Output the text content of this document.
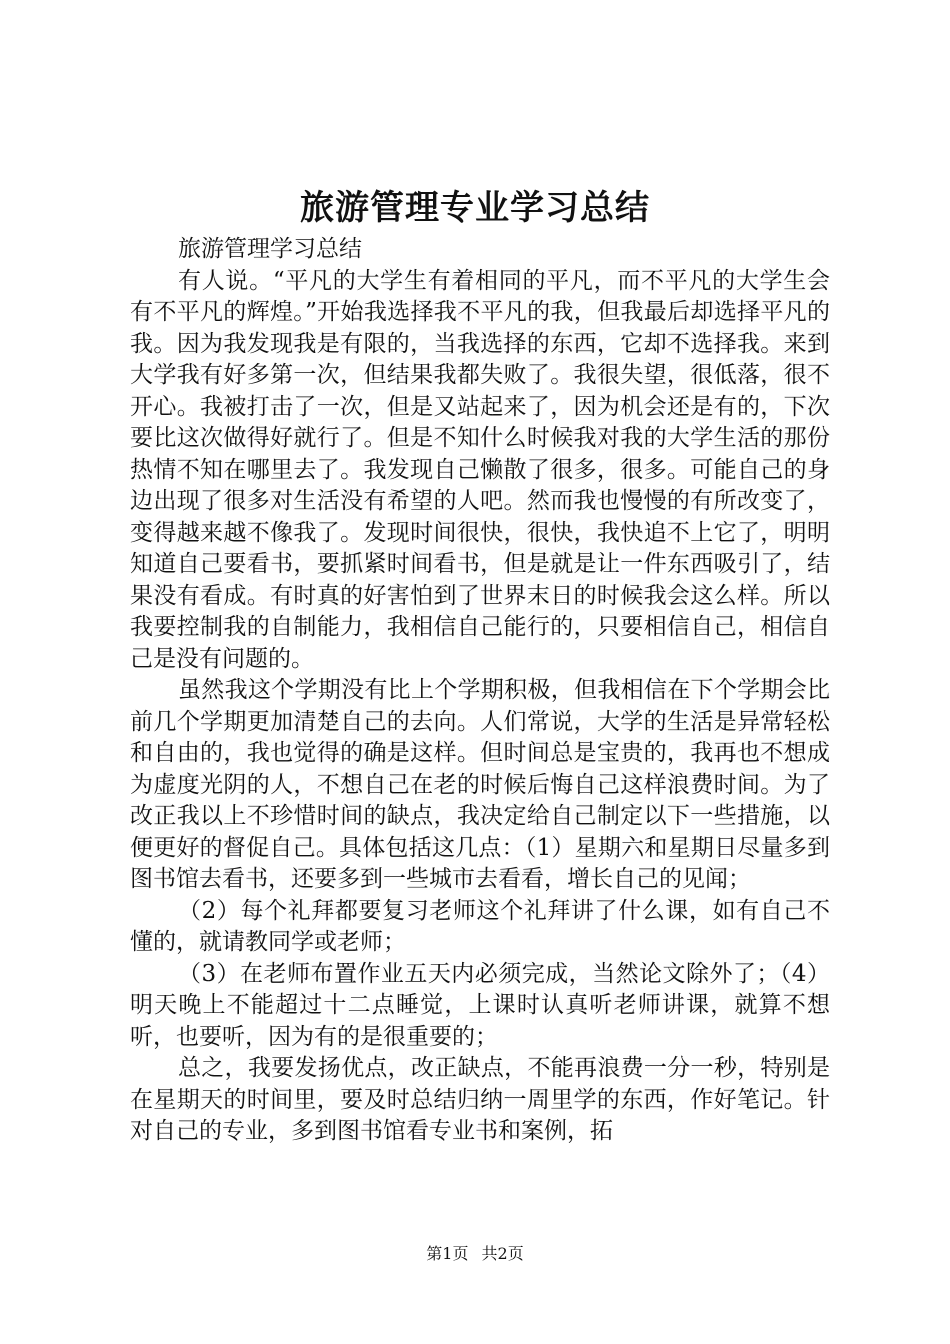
旅游管理专业学习总结

旅游管理学习总结

有人说。“平凡的大学生有着相同的平凡，而不平凡的大学生会有不平凡的辉煌。”开始我选择我不平凡的我，但我最后却选择平凡的我。因为我发现我是有限的，当我选择的东西，它却不选择我。来到大学我有好多第一次，但结果我都失败了。我很失望，很低落，很不开心。我被打击了一次，但是又站起来了，因为机会还是有的，下次要比这次做得好就行了。但是不知什么时候我对我的大学生活的那份热情不知在哪里去了。我发现自己懒散了很多，很多。可能自己的身边出现了很多对生活没有希望的人吧。然而我也慢慢的有所改变了，变得越来越不像我了。发现时间很快，很快，我快追不上它了，明明知道自己要看书，要抓紧时间看书，但是就是让一件东西吸引了，结果没有看成。有时真的好害怕到了世界末日的时候我会这么样。所以我要控制我的自制能力，我相信自己能行的，只要相信自己，相信自己是没有问题的。

虽然我这个学期没有比上个学期积极，但我相信在下个学期会比前几个学期更加清楚自己的去向。人们常说，大学的生活是异常轻松和自由的，我也觉得的确是这样。但时间总是宝贵的，我再也不想成为虚度光阴的人，不想自己在老的时候后悔自己这样浪费时间。为了改正我以上不珍惜时间的缺点，我决定给自己制定以下一些措施，以便更好的督促自己。具体包括这几点：（1）星期六和星期日尽量多到图书馆去看书，还要多到一些城市去看看，增长自己的见闻；

（2）每个礼拜都要复习老师这个礼拜讲了什么课，如有自己不懂的，就请教同学或老师；

（3）在老师布置作业五天内必须完成，当然论文除外了；（4）明天晚上不能超过十二点睡觉，上课时认真听老师讲课，就算不想听，也要听，因为有的是很重要的；

总之，我要发扬优点，改正缺点，不能再浪费一分一秒，特别是在星期天的时间里，要及时总结归纳一周里学的东西，作好笔记。针对自己的专业，多到图书馆看专业书和案例，拓

第1页 共2页
